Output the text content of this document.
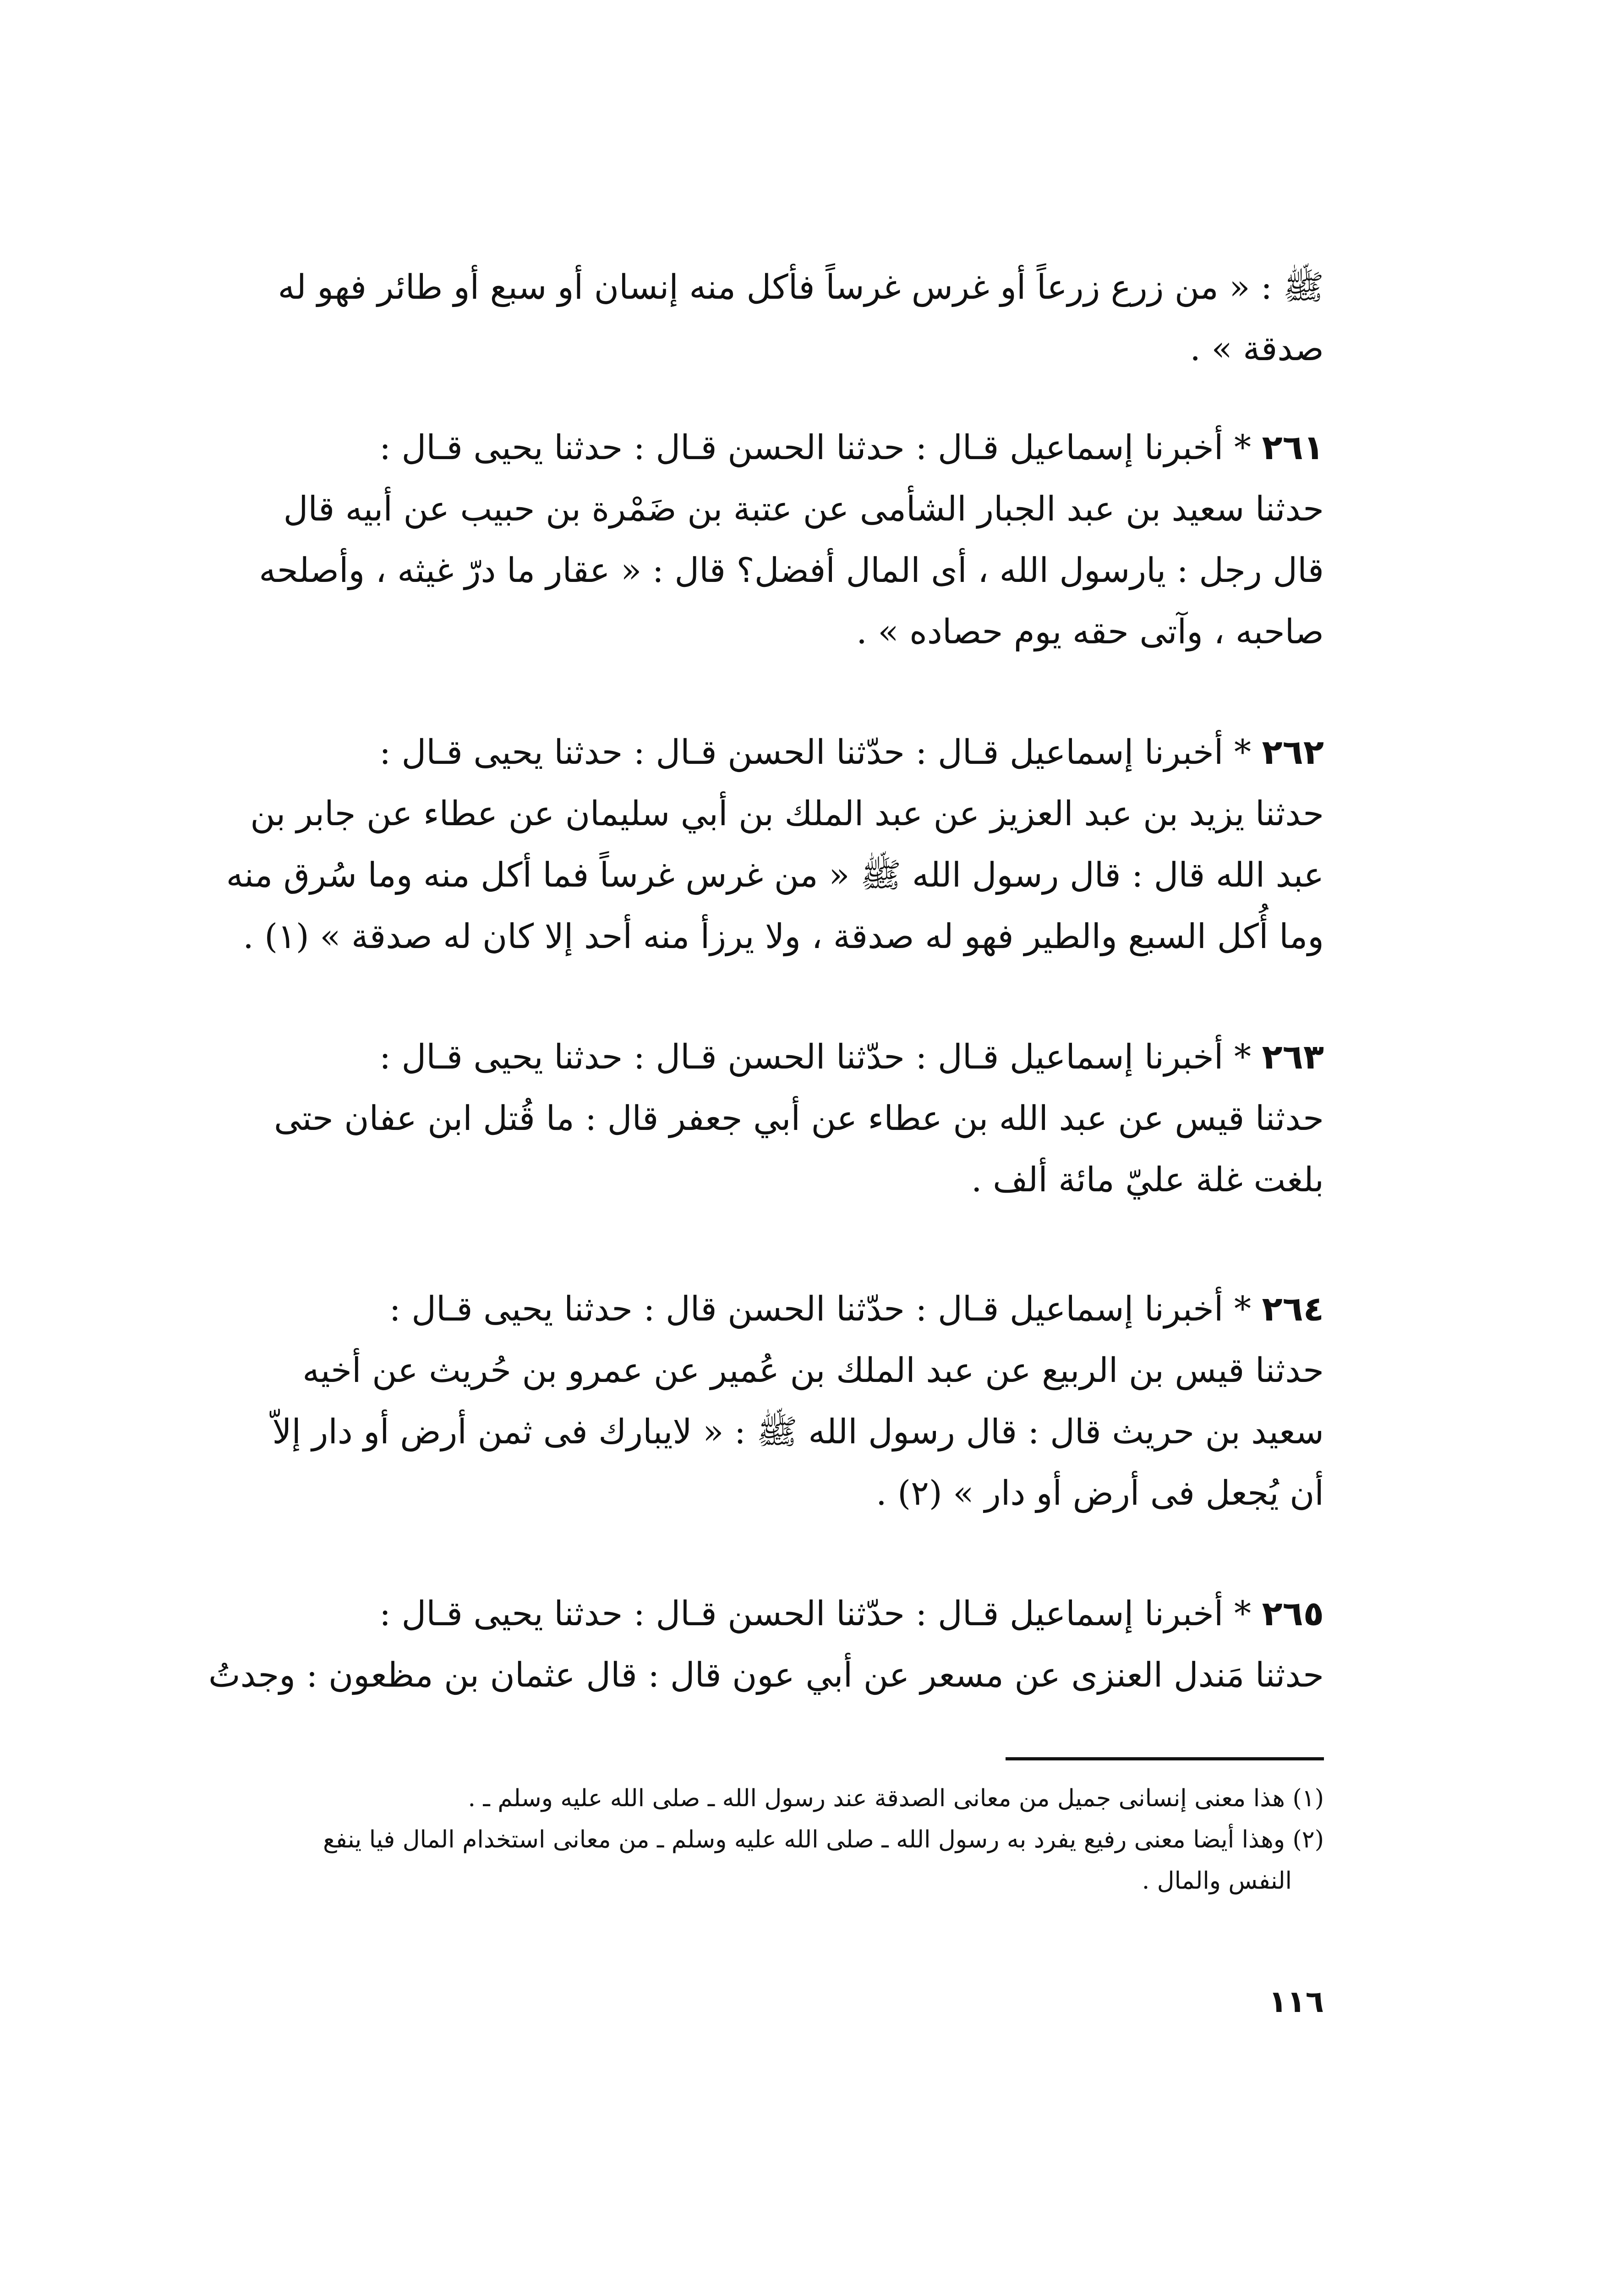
ﷺ : « من زرع زرعاً أو غرس غرساً فأكل منه إنسان أو سبع أو طائر فهو له
صدقة » .
٢٦١ * أخبرنا إسماعيل قـال : حدثنا الحسن قـال : حدثنا يحيى قـال :
حدثنا سعيد بن عبد الجبار الشأمى عن عتبة بن ضَمْرة بن حبيب عن أبيه قال
قال رجل : يارسول الله ، أى المال أفضل؟ قال : « عقار ما درّ غيثه ، وأصلحه
صاحبه ، وآتى حقه يوم حصاده » .
٢٦٢ * أخبرنا إسماعيل قـال : حدّثنا الحسن قـال : حدثنا يحيى قـال :
حدثنا يزيد بن عبد العزيز عن عبد الملك بن أبي سليمان عن عطاء عن جابر بن
عبد الله قال : قال رسول الله ﷺ « من غرس غرساً فما أكل منه وما سُرق منه
وما أُكل السبع والطير فهو له صدقة ، ولا يرزأ منه أحد إلا كان له صدقة » (١) .
٢٦٣ * أخبرنا إسماعيل قـال : حدّثنا الحسن قـال : حدثنا يحيى قـال :
حدثنا قيس عن عبد الله بن عطاء عن أبي جعفر قال : ما قُتل ابن عفان حتى
بلغت غلة عليّ مائة ألف .
٢٦٤ * أخبرنا إسماعيل قـال : حدّثنا الحسن قال : حدثنا يحيى قـال :
حدثنا قيس بن الربيع عن عبد الملك بن عُمير عن عمرو بن حُريث عن أخيه
سعيد بن حريث قال : قال رسول الله ﷺ : « لايبارك فى ثمن أرض أو دار إلاّ
أن يُجعل فى أرض أو دار » (٢) .
٢٦٥ * أخبرنا إسماعيل قـال : حدّثنا الحسن قـال : حدثنا يحيى قـال :
حدثنا مَندل العنزى عن مسعر عن أبي عون قال : قال عثمان بن مظعون : وجدتُ
(١) هذا معنى إنسانى جميل من معانى الصدقة عند رسول الله ـ صلى الله عليه وسلم ـ .
(٢) وهذا أيضا معنى رفيع يفرد به رسول الله ـ صلى الله عليه وسلم ـ من معانى استخدام المال فيا ينفع
النفس والمال .
١١٦
